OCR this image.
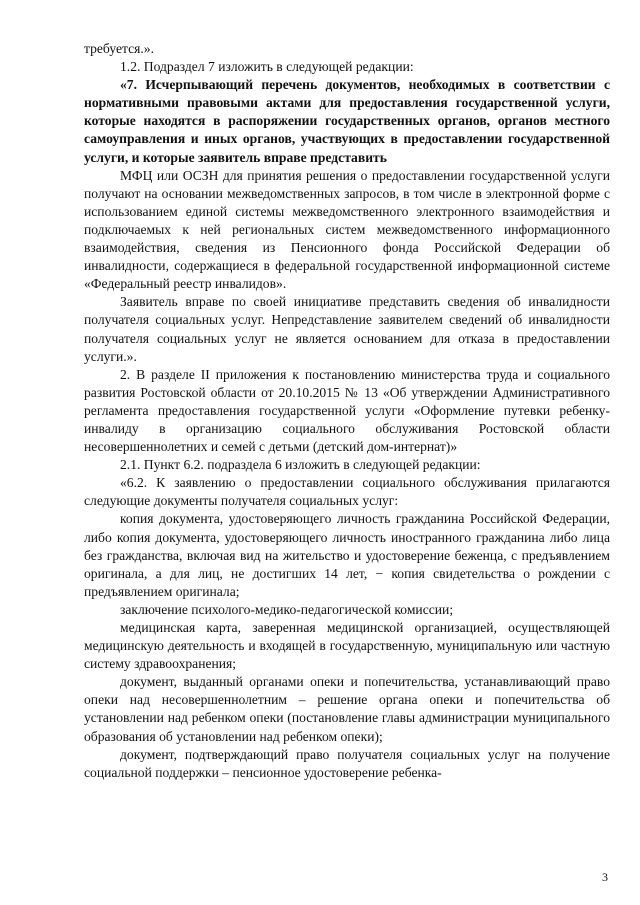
требуется.».

1.2. Подраздел 7 изложить в следующей редакции:

«7. Исчерпывающий перечень документов, необходимых в соответствии с нормативными правовыми актами для предоставления государственной услуги, которые находятся в распоряжении государственных органов, органов местного самоуправления и иных органов, участвующих в предоставлении государственной услуги, и которые заявитель вправе представить

МФЦ или ОСЗН для принятия решения о предоставлении государственной услуги получают на основании межведомственных запросов, в том числе в электронной форме с использованием единой системы межведомственного электронного взаимодействия и подключаемых к ней региональных систем межведомственного информационного взаимодействия, сведения из Пенсионного фонда Российской Федерации об инвалидности, содержащиеся в федеральной государственной информационной системе «Федеральный реестр инвалидов».

Заявитель вправе по своей инициативе представить сведения об инвалидности получателя социальных услуг. Непредставление заявителем сведений об инвалидности получателя социальных услуг не является основанием для отказа в предоставлении услуги.».

2. В разделе II приложения к постановлению министерства труда и социального развития Ростовской области от 20.10.2015 № 13 «Об утверждении Административного регламента предоставления государственной услуги «Оформление путевки ребенку-инвалиду в организацию социального обслуживания Ростовской области несовершеннолетних и семей с детьми (детский дом-интернат)»

2.1. Пункт 6.2. подраздела 6 изложить в следующей редакции:

«6.2. К заявлению о предоставлении социального обслуживания прилагаются следующие документы получателя социальных услуг:

копия документа, удостоверяющего личность гражданина Российской Федерации, либо копия документа, удостоверяющего личность иностранного гражданина либо лица без гражданства, включая вид на жительство и удостоверение беженца, с предъявлением оригинала, а для лиц, не достигших 14 лет, − копия свидетельства о рождении с предъявлением оригинала;

заключение психолого-медико-педагогической комиссии;

медицинская карта, заверенная медицинской организацией, осуществляющей медицинскую деятельность и входящей в государственную, муниципальную или частную систему здравоохранения;

документ, выданный органами опеки и попечительства, устанавливающий право опеки над несовершеннолетним – решение органа опеки и попечительства об установлении над ребенком опеки (постановление главы администрации муниципального образования об установлении над ребенком опеки);

документ, подтверждающий право получателя социальных услуг на получение социальной поддержки – пенсионное удостоверение ребенка-

3
